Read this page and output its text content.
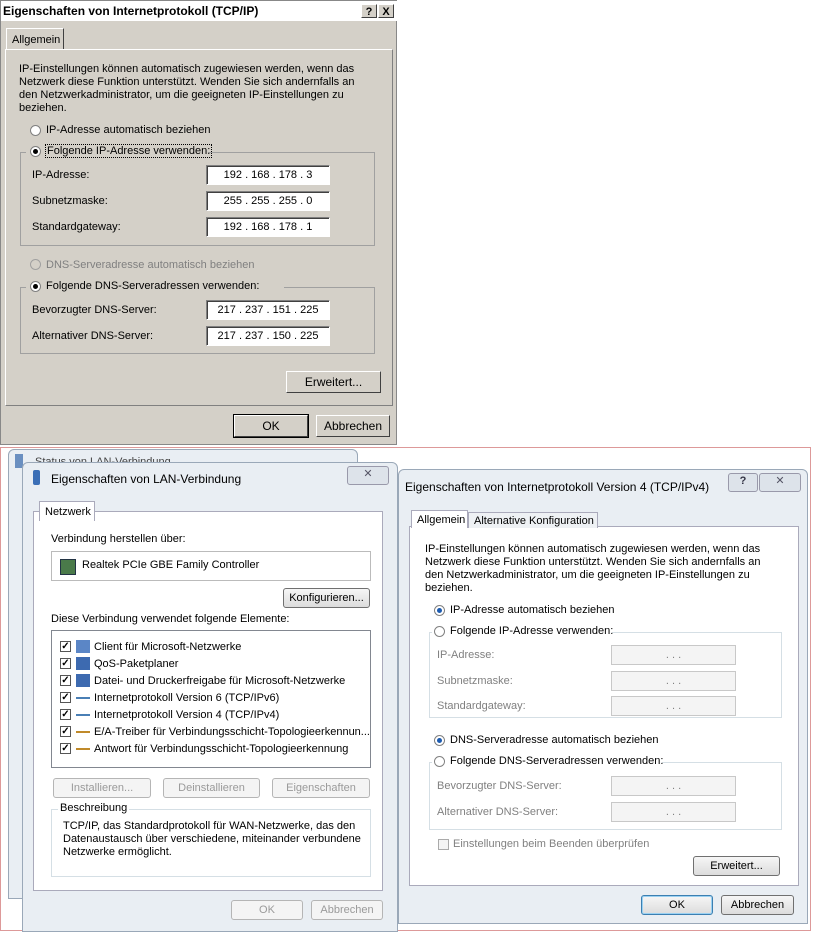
Eigenschaften von Internetprotokoll (TCP/IP)	? X
Allgemein
IP-Einstellungen können automatisch zugewiesen werden, wenn das
Netzwerk diese Funktion unterstützt. Wenden Sie sich andernfalls an
den Netzwerkadministrator, um die geeigneten IP-Einstellungen zu
beziehen.
IP-Adresse automatisch beziehen
Folgende IP-Adresse verwenden:
IP-Adresse:	192 . 168 . 178 . 3
Subnetzmaske:	255 . 255 . 255 . 0
Standardgateway:	192 . 168 . 178 . 1
DNS-Serveradresse automatisch beziehen
Folgende DNS-Serveradressen verwenden:
Bevorzugter DNS-Server:	217 . 237 . 151 . 225
Alternativer DNS-Server:	217 . 237 . 150 . 225
Erweitert...
OK	Abbrechen
Eigenschaften von LAN-Verbindung	✕
Netzwerk
Verbindung herstellen über:
Realtek PCIe GBE Family Controller
Konfigurieren...
Diese Verbindung verwendet folgende Elemente:
✓ Client für Microsoft-Netzwerke
✓ QoS-Paketplaner
✓ Datei- und Druckerfreigabe für Microsoft-Netzwerke
✓ Internetprotokoll Version 6 (TCP/IPv6)
✓ Internetprotokoll Version 4 (TCP/IPv4)
✓ E/A-Treiber für Verbindungsschicht-Topologieerkennun...
✓ Antwort für Verbindungsschicht-Topologieerkennung
Installieren...	Deinstallieren	Eigenschaften
Beschreibung
TCP/IP, das Standardprotokoll für WAN-Netzwerke, das den
Datenaustausch über verschiedene, miteinander verbundene
Netzwerke ermöglicht.
OK	Abbrechen
Eigenschaften von Internetprotokoll Version 4 (TCP/IPv4)	?	✕
Allgemein Alternative Konfiguration
IP-Einstellungen können automatisch zugewiesen werden, wenn das
Netzwerk diese Funktion unterstützt. Wenden Sie sich andernfalls an
den Netzwerkadministrator, um die geeigneten IP-Einstellungen zu
beziehen.
IP-Adresse automatisch beziehen
Folgende IP-Adresse verwenden:
IP-Adresse:	. . .
Subnetzmaske:	. . .
Standardgateway:	. . .
DNS-Serveradresse automatisch beziehen
Folgende DNS-Serveradressen verwenden:
Bevorzugter DNS-Server:	. . .
Alternativer DNS-Server:	. . .
Einstellungen beim Beenden überprüfen
Erweitert...
OK	Abbrechen
